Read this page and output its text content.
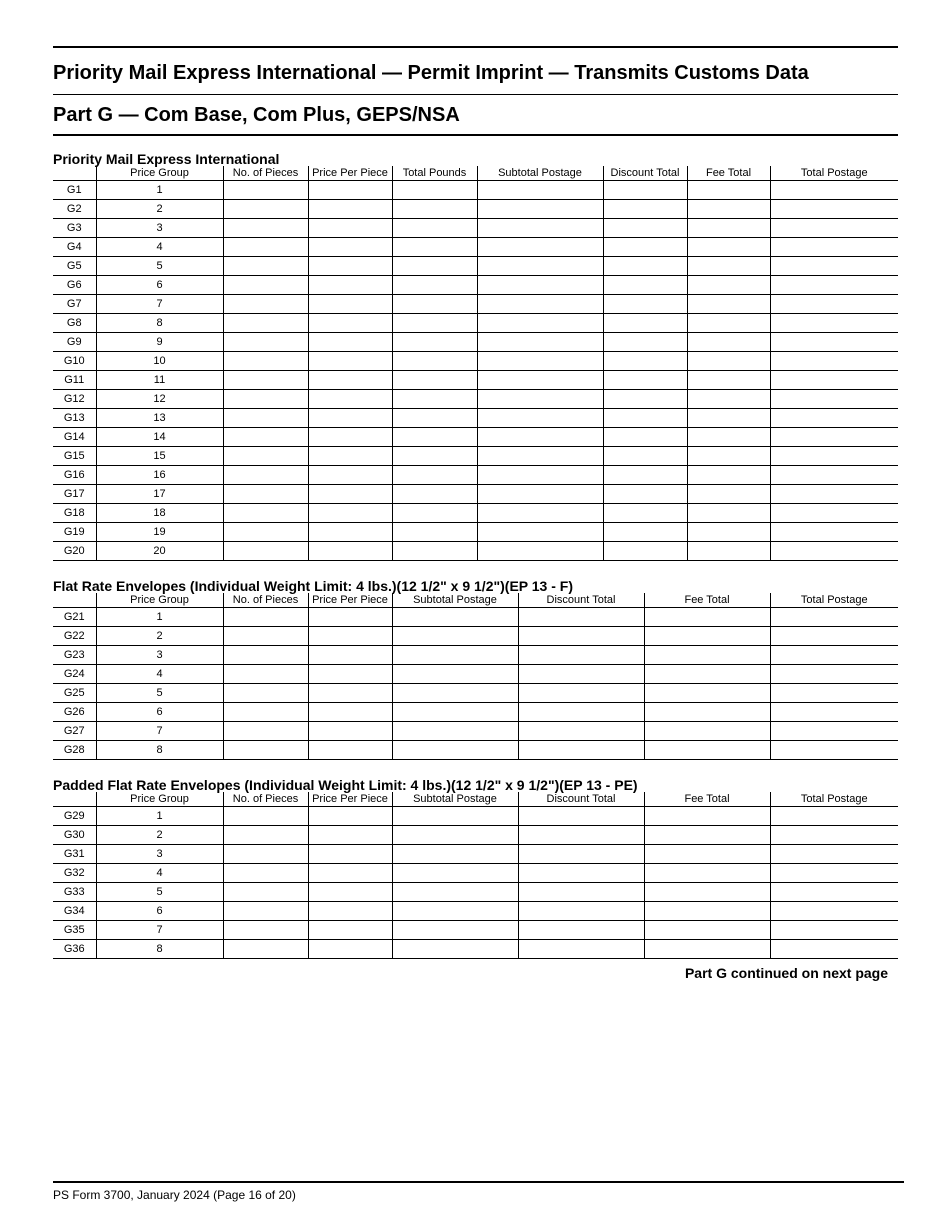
Priority Mail Express International — Permit Imprint — Transmits Customs Data
Part G — Com Base, Com Plus, GEPS/NSA
Priority Mail Express International
	Price Group	No. of Pieces	Price Per Piece	Total Pounds	Subtotal Postage	Discount Total	Fee Total	Total Postage
G1	1							
G2	2							
G3	3							
G4	4							
G5	5							
G6	6							
G7	7							
G8	8							
G9	9							
G10	10							
G11	11							
G12	12							
G13	13							
G14	14							
G15	15							
G16	16							
G17	17							
G18	18							
G19	19							
G20	20							
Flat Rate Envelopes (Individual Weight Limit: 4 lbs.)(12 1/2" x 9 1/2")(EP 13 - F)
	Price Group	No. of Pieces	Price Per Piece	Subtotal Postage	Discount Total	Fee Total	Total Postage
G21	1						
G22	2						
G23	3						
G24	4						
G25	5						
G26	6						
G27	7						
G28	8						
Padded Flat Rate Envelopes (Individual Weight Limit: 4 lbs.)(12 1/2" x 9 1/2")(EP 13 - PE)
	Price Group	No. of Pieces	Price Per Piece	Subtotal Postage	Discount Total	Fee Total	Total Postage
G29	1						
G30	2						
G31	3						
G32	4						
G33	5						
G34	6						
G35	7						
G36	8						
Part G continued on next page
PS Form 3700, January 2024 (Page 16 of 20)
